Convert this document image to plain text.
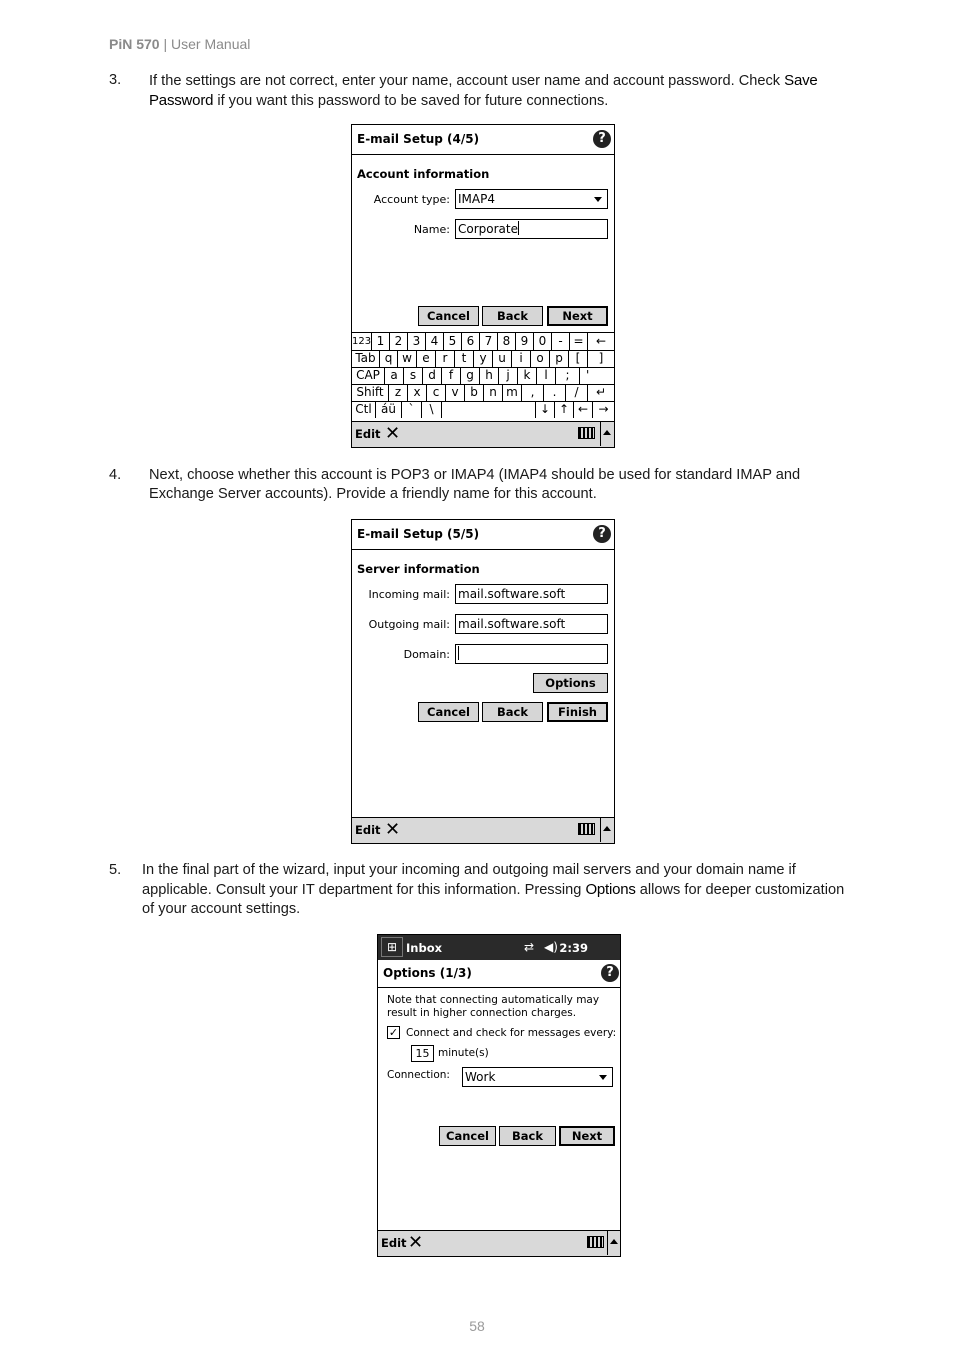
PiN 570 | User Manual
3. If the settings are not correct, enter your name, account user name and account password. Check Save Password if you want this password to be saved for future connections.
E-mail Setup (4/5)	?
Account information
Account type: IMAP4
Name: Corporate
Cancel	Back	Next
123 1 2 3 4 5 6 7 8 9 0	- =	←
Tab q w e	r	t	y u	i	o p	[	]
CAP a	s	d	f	g h	j	k	l	;	'
Shift z	x	c	v b n m	,	.	/	↵
Ctl áü	`	\	↓ ↑ ← →
Edit ✕
4. Next, choose whether this account is POP3 or IMAP4 (IMAP4 should be used for standard IMAP and Exchange Server accounts). Provide a friendly name for this account.
E-mail Setup (5/5)	?
Server information
Incoming mail: mail.software.soft
Outgoing mail: mail.software.soft
Domain:
Options
Cancel	Back	Finish
Edit ✕
5. In the final part of the wizard, input your incoming and outgoing mail servers and your domain name if applicable. Consult your IT department for this information. Pressing Options allows for deeper customization of your account settings.
⊞ Inbox	⇄ ◀) 2:39
Options (1/3)	?
Note that connecting automatically may result in higher connection charges.
✓ Connect and check for messages every:
15 minute(s)
Connection: Work
Cancel	Back	Next
Edit ✕
58
